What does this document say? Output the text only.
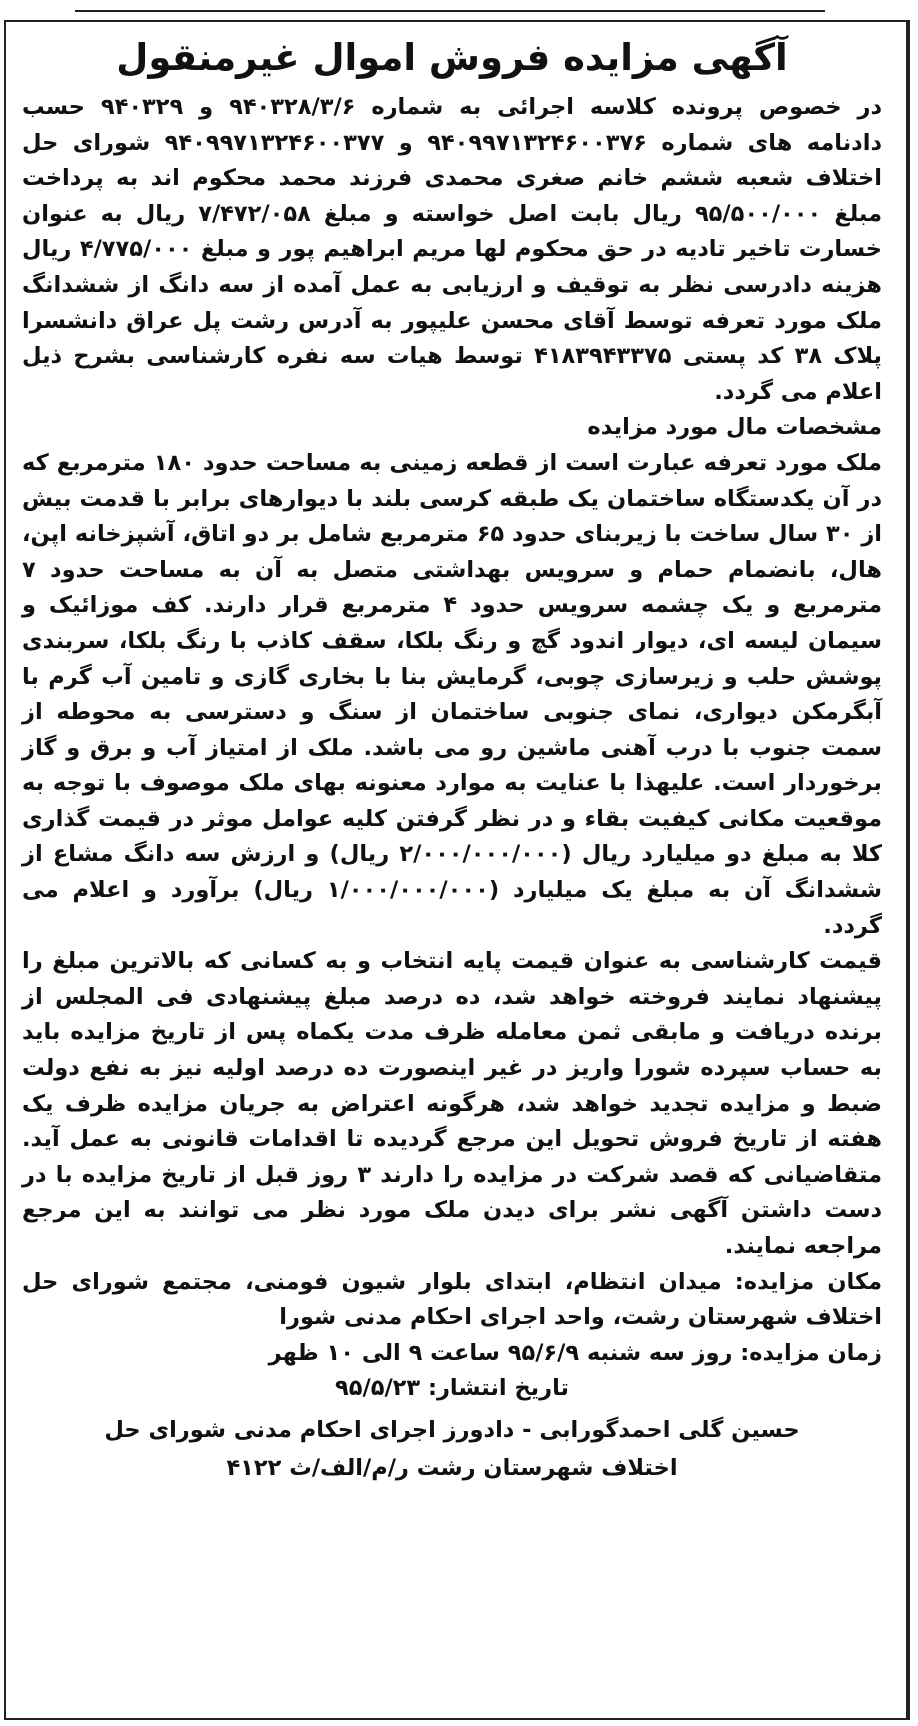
آگهی مزایده فروش اموال غیرمنقول

در خصوص پرونده کلاسه اجرائی به شماره ۹۴۰۳۲۸/۳/۶ و ۹۴۰۳۲۹ حسب دادنامه های شماره ۹۴۰۹۹۷۱۳۲۴۶۰۰۳۷۶ و ۹۴۰۹۹۷۱۳۲۴۶۰۰۳۷۷ شورای حل اختلاف شعبه ششم خانم صغری محمدی فرزند محمد محکوم اند به پرداخت مبلغ ۹۵/۵۰۰/۰۰۰ ریال بابت اصل خواسته و مبلغ ۷/۴۷۲/۰۵۸ ریال به عنوان خسارت تاخیر تادیه در حق محکوم لها مریم ابراهیم پور و مبلغ ۴/۷۷۵/۰۰۰ ریال هزینه دادرسی نظر به توقیف و ارزیابی به عمل آمده از سه دانگ از ششدانگ ملک مورد تعرفه توسط آقای محسن علیپور به آدرس رشت پل عراق دانشسرا پلاک ۳۸ کد پستی ۴۱۸۳۹۴۳۳۷۵ توسط هیات سه نفره کارشناسی بشرح ذیل اعلام می گردد.

مشخصات مال مورد مزایده

ملک مورد تعرفه عبارت است از قطعه زمینی به مساحت حدود ۱۸۰ مترمربع که در آن یکدستگاه ساختمان یک طبقه کرسی بلند با دیوارهای برابر با قدمت بیش از ۳۰ سال ساخت با زیربنای حدود ۶۵ مترمربع شامل بر دو اتاق، آشپزخانه اپن، هال، بانضمام حمام و سرویس بهداشتی متصل به آن به مساحت حدود ۷ مترمربع و یک چشمه سرویس حدود ۴ مترمربع قرار دارند. کف موزائیک و سیمان لیسه ای، دیوار اندود گچ و رنگ بلکا، سقف کاذب با رنگ بلکا، سربندی پوشش حلب و زیرسازی چوبی، گرمایش بنا با بخاری گازی و تامین آب گرم با آبگرمکن دیواری، نمای جنوبی ساختمان از سنگ و دسترسی به محوطه از سمت جنوب با درب آهنی ماشین رو می باشد. ملک از امتیاز آب و برق و گاز برخوردار است. علیهذا با عنایت به موارد معنونه بهای ملک موصوف با توجه به موقعیت مکانی کیفیت بقاء و در نظر گرفتن کلیه عوامل موثر در قیمت گذاری کلا به مبلغ دو میلیارد ریال (۲/۰۰۰/۰۰۰/۰۰۰ ریال) و ارزش سه دانگ مشاع از ششدانگ آن به مبلغ یک میلیارد (۱/۰۰۰/۰۰۰/۰۰۰ ریال) برآورد و اعلام می گردد.

قیمت کارشناسی به عنوان قیمت پایه انتخاب و به کسانی که بالاترین مبلغ را پیشنهاد نمایند فروخته خواهد شد، ده درصد مبلغ پیشنهادی فی المجلس از برنده دریافت و مابقی ثمن معامله ظرف مدت یکماه پس از تاریخ مزایده باید به حساب سپرده شورا واریز در غیر اینصورت ده درصد اولیه نیز به نفع دولت ضبط و مزایده تجدید خواهد شد، هرگونه اعتراض به جریان مزایده ظرف یک هفته از تاریخ فروش تحویل این مرجع گردیده تا اقدامات قانونی به عمل آید. متقاضیانی که قصد شرکت در مزایده را دارند ۳ روز قبل از تاریخ مزایده با در دست داشتن آگهی نشر برای دیدن ملک مورد نظر می توانند به این مرجع مراجعه نمایند.

مکان مزایده: میدان انتظام، ابتدای بلوار شیون فومنی، مجتمع شورای حل اختلاف شهرستان رشت، واحد اجرای احکام مدنی شورا

زمان مزایده: روز سه شنبه ۹۵/۶/۹ ساعت ۹ الی ۱۰ ظهر

تاریخ انتشار: ۹۵/۵/۲۳

حسین گلی احمدگورابی - دادورز اجرای احکام مدنی شورای حل

اختلاف شهرستان رشت ر/م/الف/ث ۴۱۲۲
